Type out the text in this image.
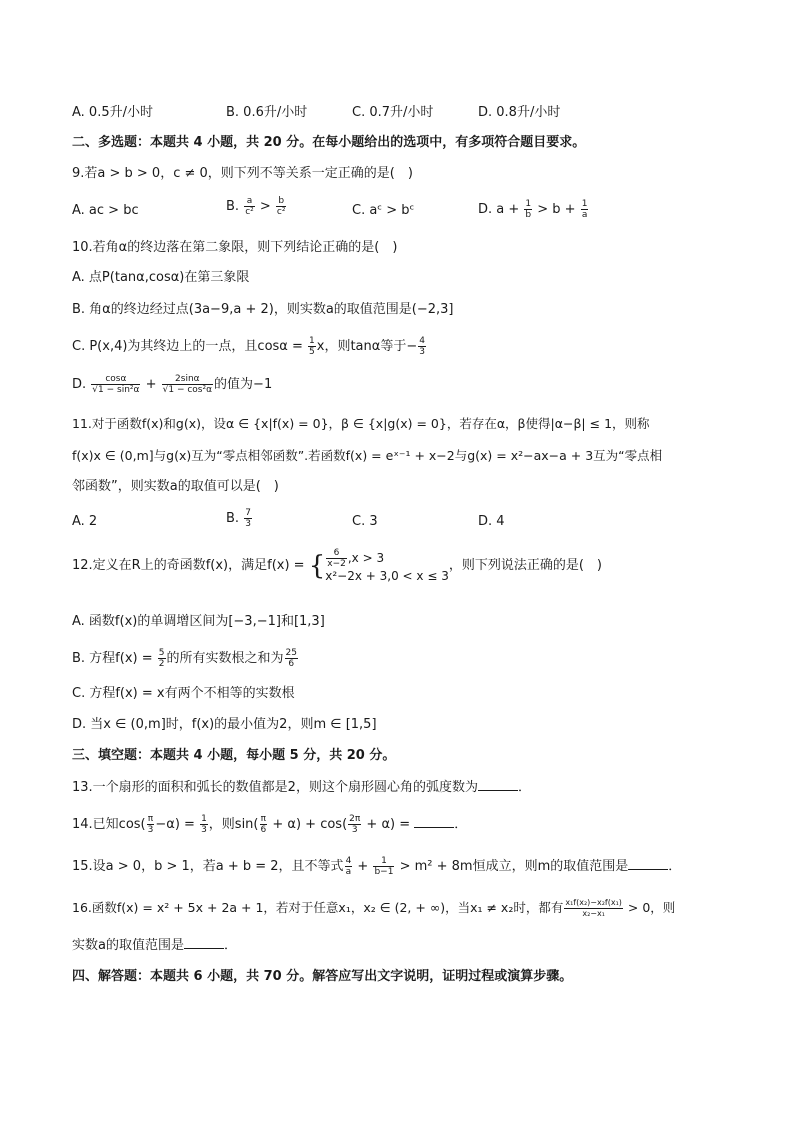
A. 0.5升/小时	B. 0.6升/小时	C. 0.7升/小时	D. 0.8升/小时
二、多选题：本题共 4 小题，共 20 分。在每小题给出的选项中，有多项符合题目要求。
9.若a > b > 0，c ≠ 0，则下列不等关系一定正确的是(　)
A. ac > bc	B. $\frac{a}{\text{c²}} > \frac{b}{\text{c²}}$	C. aᶜ > bᶜ	D. $a + \frac{1}{b} > b + \frac{1}{a}$
10.若角α的终边落在第二象限，则下列结论正确的是(　)
A. 点P(tanα,cosα)在第三象限
B. 角α的终边经过点(3a−9,a + 2)，则实数a的取值范围是(−2,3]
C. P(x,4)为其终边上的一点，且$\cos\alpha = \frac{1}{5}$ x，则tanα等于− $\frac{4}{3}$
D. $\frac{\cos\alpha}{\text{√1 − sin²α}} + \frac{2\sin\alpha}{\text{√1 − cos²α}}$ 的值为−1
11.对于函数f(x)和g(x)，设α ∈ {x|f(x) = 0}，β ∈ {x|g(x) = 0}，若存在α，β使得|α−β| ≤ 1，则称
f(x)x ∈ (0,m]与g(x)互为“零点相邻函数”.若函数f(x) = eˣ⁻¹ + x−2与g(x) = x²−ax−a + 3互为“零点相
邻函数”，则实数a的取值可以是(　)
A. 2	B. $\frac{7}{3}$	C. 3	D. 4
12.定义在R上的奇函数f(x)，满足f(x) = { $\frac{6}{x-2} ,x > 3$
x²−2x + 3,0 < x ≤ 3
，则下列说法正确的是(　)
A. 函数f(x)的单调增区间为[−3,−1]和[1,3]
B. 方程$f(x) = \frac{5}{2}$ 的所有实数根之和为 $\frac{25}{6}$
C. 方程f(x) = x有两个不相等的实数根
D. 当x ∈ (0,m]时，f(x)的最小值为2，则m ∈ [1,5]
三、填空题：本题共 4 小题，每小题 5 分，共 20 分。
13.一个扇形的面积和弧长的数值都是2，则这个扇形圆心角的弧度数为	．
14.已知$\cos( \frac{\pi}{3} -\alpha) = \frac{1}{3}$ ，则$\sin( \frac{\pi}{6} + \alpha) + \cos( \frac{2\pi}{3} + \alpha)$ =	．
15.设a > 0，b > 1，若a + b = 2，且不等式 $\frac{4}{a} + \frac{1}{b-1} > m^2 + 8m$恒成立，则m的取值范围是	．
16.函数f(x) = x² + 5x + 2a + 1，若对于任意x₁，x₂ ∈ (2, + ∞)，当x₁ ≠ x₂时，都有 $\frac{\text{x₁f(x₂)−x₂f(x₁)}}{\text{x₂−x₁}} > 0$，则
实数a的取值范围是	．
四、解答题：本题共 6 小题，共 70 分。解答应写出文字说明，证明过程或演算步骤。
